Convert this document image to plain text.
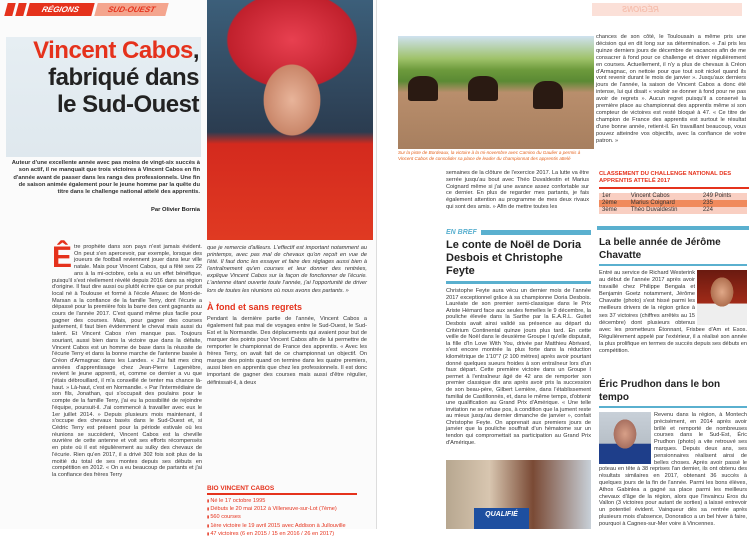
RÉGIONS	SUD-OUEST
Vincent Cabos,
fabriqué dans
le Sud-Ouest

Auteur d'une excellente année avec pas moins de vingt-six succès à son actif, il ne manquait que trois victoires à Vincent Cabos en fin d'année avant de passer dans les rangs des professionnels. Une fin de saison animée également pour le jeune homme par la quête du titre dans le challenge national attelé des apprentis.

Par Olivier Bornia

Ê tre prophète dans son pays n'est jamais évident. On peut s'en apercevoir, par exemple, lorsque des joueurs de football reviennent jouer dans leur ville natale. Mais pour Vincent Cabos, qui a fêté ses 22 ans à la mi-octobre, cela a eu un effet bénéfique, puisqu'il s'est réellement révélé depuis 2016 dans sa région d'origine. Il faut dire aussi ou plutôt écrire que ce pur produit local né à Toulouse et formé à l'école Afasec de Mont-de-Marsan a la confiance de la famille Terry, dont l'écurie a dépassé pour la première fois la barre des cent gagnants au cours de l'année 2017. C'est quand même plus facile pour gagner des courses. Mais, pour gagner des courses justement, il faut bien évidemment le cheval mais aussi du talent. Et Vincent Cabos n'en manque pas. Toujours souriant, aussi bien dans la victoire que dans la défaite, Vincent Cabos est un homme de base dans la réussite de l'écurie Terry et dans la bonne marche de l'antenne basée à Créon d'Armagnac dans les Landes. « J'ai fait mes cinq années d'apprentissage chez Jean-Pierre Lagenèbre, revient le jeune apprenti, et, comme ce dernier a vu que j'étais débrouillard, il m'a conseillé de tenter ma chance là-haut. » Là-haut, c'est en Normandie. « Par l'intermédiaire de son fils, Jonathan, qui s'occupait des poulains pour le compte de la famille Terry, j'ai eu la possibilité de rejoindre l'équipe, poursuit-il. J'ai commencé à travailler avec eux le 1er juillet 2014. » Depuis plusieurs mois maintenant, il s'occupe des chevaux basés dans le Sud-Ouest et, si Cédric Terry est présent pour la période estivale où les réunions se succèdent, Vincent Cabos est la cheville ouvrière de cette antenne et voit ses efforts récompensés en piste où il est régulièrement au sulky des chevaux de l'écurie. Rien qu'en 2017, il a drivé 302 fois soit plus de la moitié du total de ses montes depuis ses débuts en compétition en 2012. « On a eu beaucoup de partants et j'ai la confiance des frères Terry

que je remercie d'ailleurs. L'effectif est important notamment au printemps, avec pas mal de chevaux qu'on reçoit en vue de l'été. Il faut donc les essayer et faire des réglages aussi bien à l'entraînement qu'en courses et leur donner des rentrées, explique Vincent Cabos sur la façon de fonctionner de l'écurie. L'antenne étant ouverte toute l'année, j'ai l'opportunité de driver lors de toutes les réunions où nous avons des partants. »

À fond et sans regrets

Pendant la dernière partie de l'année, Vincent Cabos a également fait pas mal de voyages entre le Sud-Ouest, le Sud-Est et la Normandie. Des déplacements qui avaient pour but de marquer des points pour Vincent Cabos afin de lui permettre de remporter le championnat de France des apprentis. « Avec les frères Terry, on avait fait de ce championnat un objectif. On marque des points quand on termine dans les quatre premiers, aussi bien en apprentis que chez les professionnels. Il est donc important de gagner des courses mais aussi d'être régulier, définissait-il, à deux

BIO VINCENT CABOS
▮ Né le 17 octobre 1995
▮ Débuts le 20 mai 2012 à Villeneuve-sur-Lot (7ème)
▮ 560 courses
▮ 1ère victoire le 19 avril 2015 avec Addison à Jullouville
▮ 47 victoires (6 en 2015 / 15 en 2016 / 26 en 2017)
RÉGIONS

Sur la piste de Bordeaux, la victoire à la mi-novembre avec Camino du Gaulier a permis à Vincent Cabos de consolider sa place de leader du championnat des apprentis attelé

chances de son côté, le Toulousain a même pris une décision qui en dit long sur sa détermination. « J'ai pris les quinze derniers jours de décembre de vacances afin de me consacrer à fond pour ce challenge et driver régulièrement en courses. Actuellement, il n'y a plus de chevaux à Créon d'Armagnac, on nettoie pour que tout soit nickel quand ils vont revenir durant le mois de janvier ». Jusqu'aux derniers jours de l'année, la saison de Vincent Cabos a donc été intense, lui qui disait « vouloir se donner à fond pour ne pas avoir de regrets ». Aucun regret puisqu'il a conservé la première place au championnat des apprentis même si son compteur de victoires est resté bloqué à 47. « Ce titre de champion de France des apprentis est surtout le résultat d'une bonne année, retient-il. En travaillant beaucoup, vous pouvez atteindre vos objectifs, avec la confiance de votre patron. »

semaines de la clôture de l'exercice 2017. La lutte va être serrée jusqu'au bout avec Théo Duvaldestin et Marius Coignard même si j'ai une avance assez confortable sur ce dernier. En plus de regarder mes partants, je fais également attention au programme de mes deux rivaux qui sont des amis. » Afin de mettre toutes les

EN BREF
Le conte de Noël de Doria Desbois et Christophe Feyte

Christophe Feyte aura vécu un dernier mois de l'année 2017 exceptionnel grâce à sa championne Doria Desbois. Lauréate de son premier semi-classique dans le Prix Ariste Hémard face aux seules femelles le 9 décembre, la pouliche élevée dans la Sarthe par la E.A.R.L. Guitet Desbois avait ainsi validé sa présence au départ du Critérium Continental quinze jours plus tard. En cette veille de Noël dans le deuxième Groupe I qu'elle disputait, la fille d'In Love With You, drivée par Matthieu Abrivard, s'est encore montrée la plus forte dans la réduction kilométrique de 1'10"7 (2 100 mètres) après avoir pourtant donné quelques sueurs froides à son entraîneur lors d'un faux départ. Cette première victoire dans un Groupe I permet à l'entraîneur âgé de 42 ans de remporter son premier classique dix ans après avoir pris la succession de son beau-père, Gilbert Lemière, dans l'établissement familial de Castillonnès, et, dans le même temps, d'obtenir une qualification au Grand Prix d'Amérique. « Une telle invitation ne se refuse pos, à condition que la jument reste au mieux jusqu'au dernier dimanche de janvier », confait Christophe Feyte. On apprenait aux premiers jours de janvier que la pouliche souffrait d'un hématome sur un tendon qui compromettait sa participation au Grand Prix d'Amérique.

QUALIFIÉ
CLASSEMENT DU CHALLENGE NATIONAL DES APPRENTIS ATTELÉ 2017
1er	Vincent Cabos	249 Points
2ème	Marius Coignard	235
3ème	Théo Duvaldestin	224
La belle année de Jérôme Chavatte

Entré au service de Richard Westerink au début de l'année 2017 après avoir travaillé chez Philippe Bengala et Benjamin Goetz notamment, Jérôme Chavatte (photo) s'est hissé parmi les meilleurs drivers de la région grâce à ses 37 victoires (chiffres arrêtés au 15 décembre) dont plusieurs obtenus avec les prometteurs Étonnant, Frisbee d'Am et Esos. Régulièrement appelé par l'extérieur, il a réalisé son année la plus prolifique en termes de succès depuis ses débuts en compétition.

Éric Prudhon dans le bon tempo

Revenu dans la région, à Montech précisément, en 2014 après avoir brillé et remporté de nombreuses courses dans le Sud-Est, Éric Prudhon (photo) a vite retrouvé ses marques. Depuis deux ans, ses pensionnaires réalisent ainsi de belles choses. Après avoir passé le poteau en tête à 38 reprises l'an dernier, ils ont obtenu des résultats similaires en 2017, obtenant 36 succès à quelques jours de la fin de l'année. Parmi les bons élèves, Athos Gabinlea a gagné sa place parmi les meilleurs chevaux d'âge de la région, alors que l'invaincu Eros du Vallon (3 victoires pour autant de sorties) a laissé entrevoir un potentiel évident. Vainqueur dès sa rentrée après plusieurs mois d'absence, Donoratico a un bel hiver à faire, pourquoi à Cagnes-sur-Mer voire à Vincennes.
